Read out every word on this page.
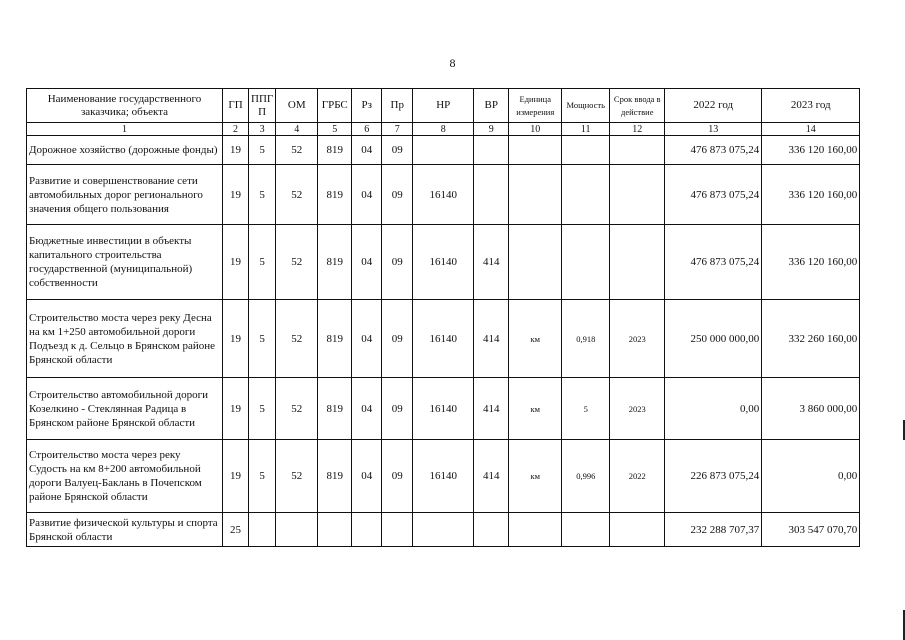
8
Наименование государственного заказчика; объекта	ГП	ППГ П	ОМ	ГРБС	Рз	Пр	НР	ВР	Единица измерения	Мощность	Срок ввода в действие	2022 год	2023 год
1	2	3	4	5	6	7	8	9	10	11	12	13	14
Дорожное хозяйство (дорожные фонды)	19	5	52	819	04	09						476 873 075,24	336 120 160,00
Развитие и совершенствование сети автомобильных дорог регионального значения общего пользования	19	5	52	819	04	09	16140					476 873 075,24	336 120 160,00
Бюджетные инвестиции в объекты капитального строительства государственной (муниципальной) собственности	19	5	52	819	04	09	16140	414				476 873 075,24	336 120 160,00
Строительство моста через реку Десна на км 1+250 автомобильной дороги Подъезд к д. Сельцо в Брянском районе Брянской области	19	5	52	819	04	09	16140	414	км	0,918	2023	250 000 000,00	332 260 160,00
Строительство автомобильной дороги Козелкино - Стеклянная Радица в Брянском районе Брянской области	19	5	52	819	04	09	16140	414	км	5	2023	0,00	3 860 000,00
Строительство моста через реку Судость на км 8+200 автомобильной дороги Валуец-Баклань в Почепском районе Брянской области	19	5	52	819	04	09	16140	414	км	0,996	2022	226 873 075,24	0,00
Развитие физической культуры и спорта Брянской области	25											232 288 707,37	303 547 070,70
